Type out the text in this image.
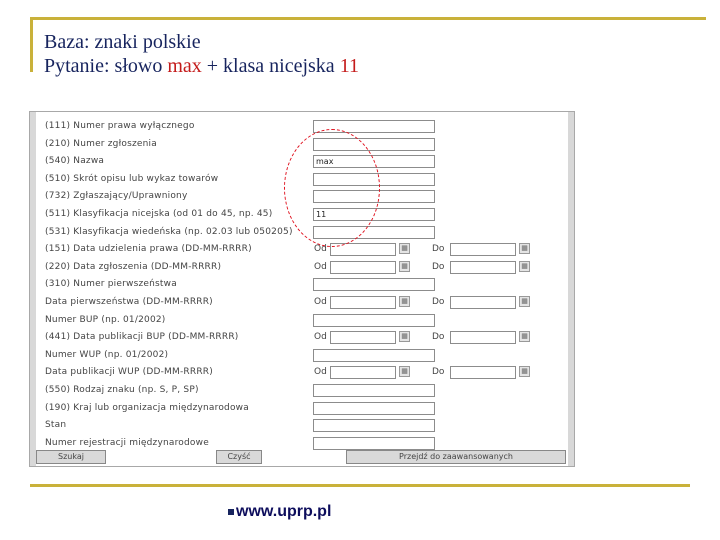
Baza: znaki polskie
Pytanie: słowo max + klasa nicejska 11
(111) Numer prawa wyłącznego
(210) Numer zgłoszenia
(540) Nazwa	max
(510) Skrót opisu lub wykaz towarów
(732) Zgłaszający/Uprawniony
(511) Klasyfikacja nicejska (od 01 do 45, np. 45)	11
(531) Klasyfikacja wiedeńska (np. 02.03 lub 050205)
(151) Data udzielenia prawa (DD-MM-RRRR)	Od	▦	Do	▦
(220) Data zgłoszenia (DD-MM-RRRR)	Od	▦	Do	▦
(310) Numer pierwszeństwa
Data pierwszeństwa (DD-MM-RRRR)	Od	▦	Do	▦
Numer BUP (np. 01/2002)
(441) Data publikacji BUP (DD-MM-RRRR)	Od	▦	Do	▦
Numer WUP (np. 01/2002)
Data publikacji WUP (DD-MM-RRRR)	Od	▦	Do	▦
(550) Rodzaj znaku (np. S, P, SP)
(190) Kraj lub organizacja międzynarodowa
Stan
Numer rejestracji międzynarodowe
Szukaj	Czyść	Przejdź do zaawansowanych
www.uprp.pl
